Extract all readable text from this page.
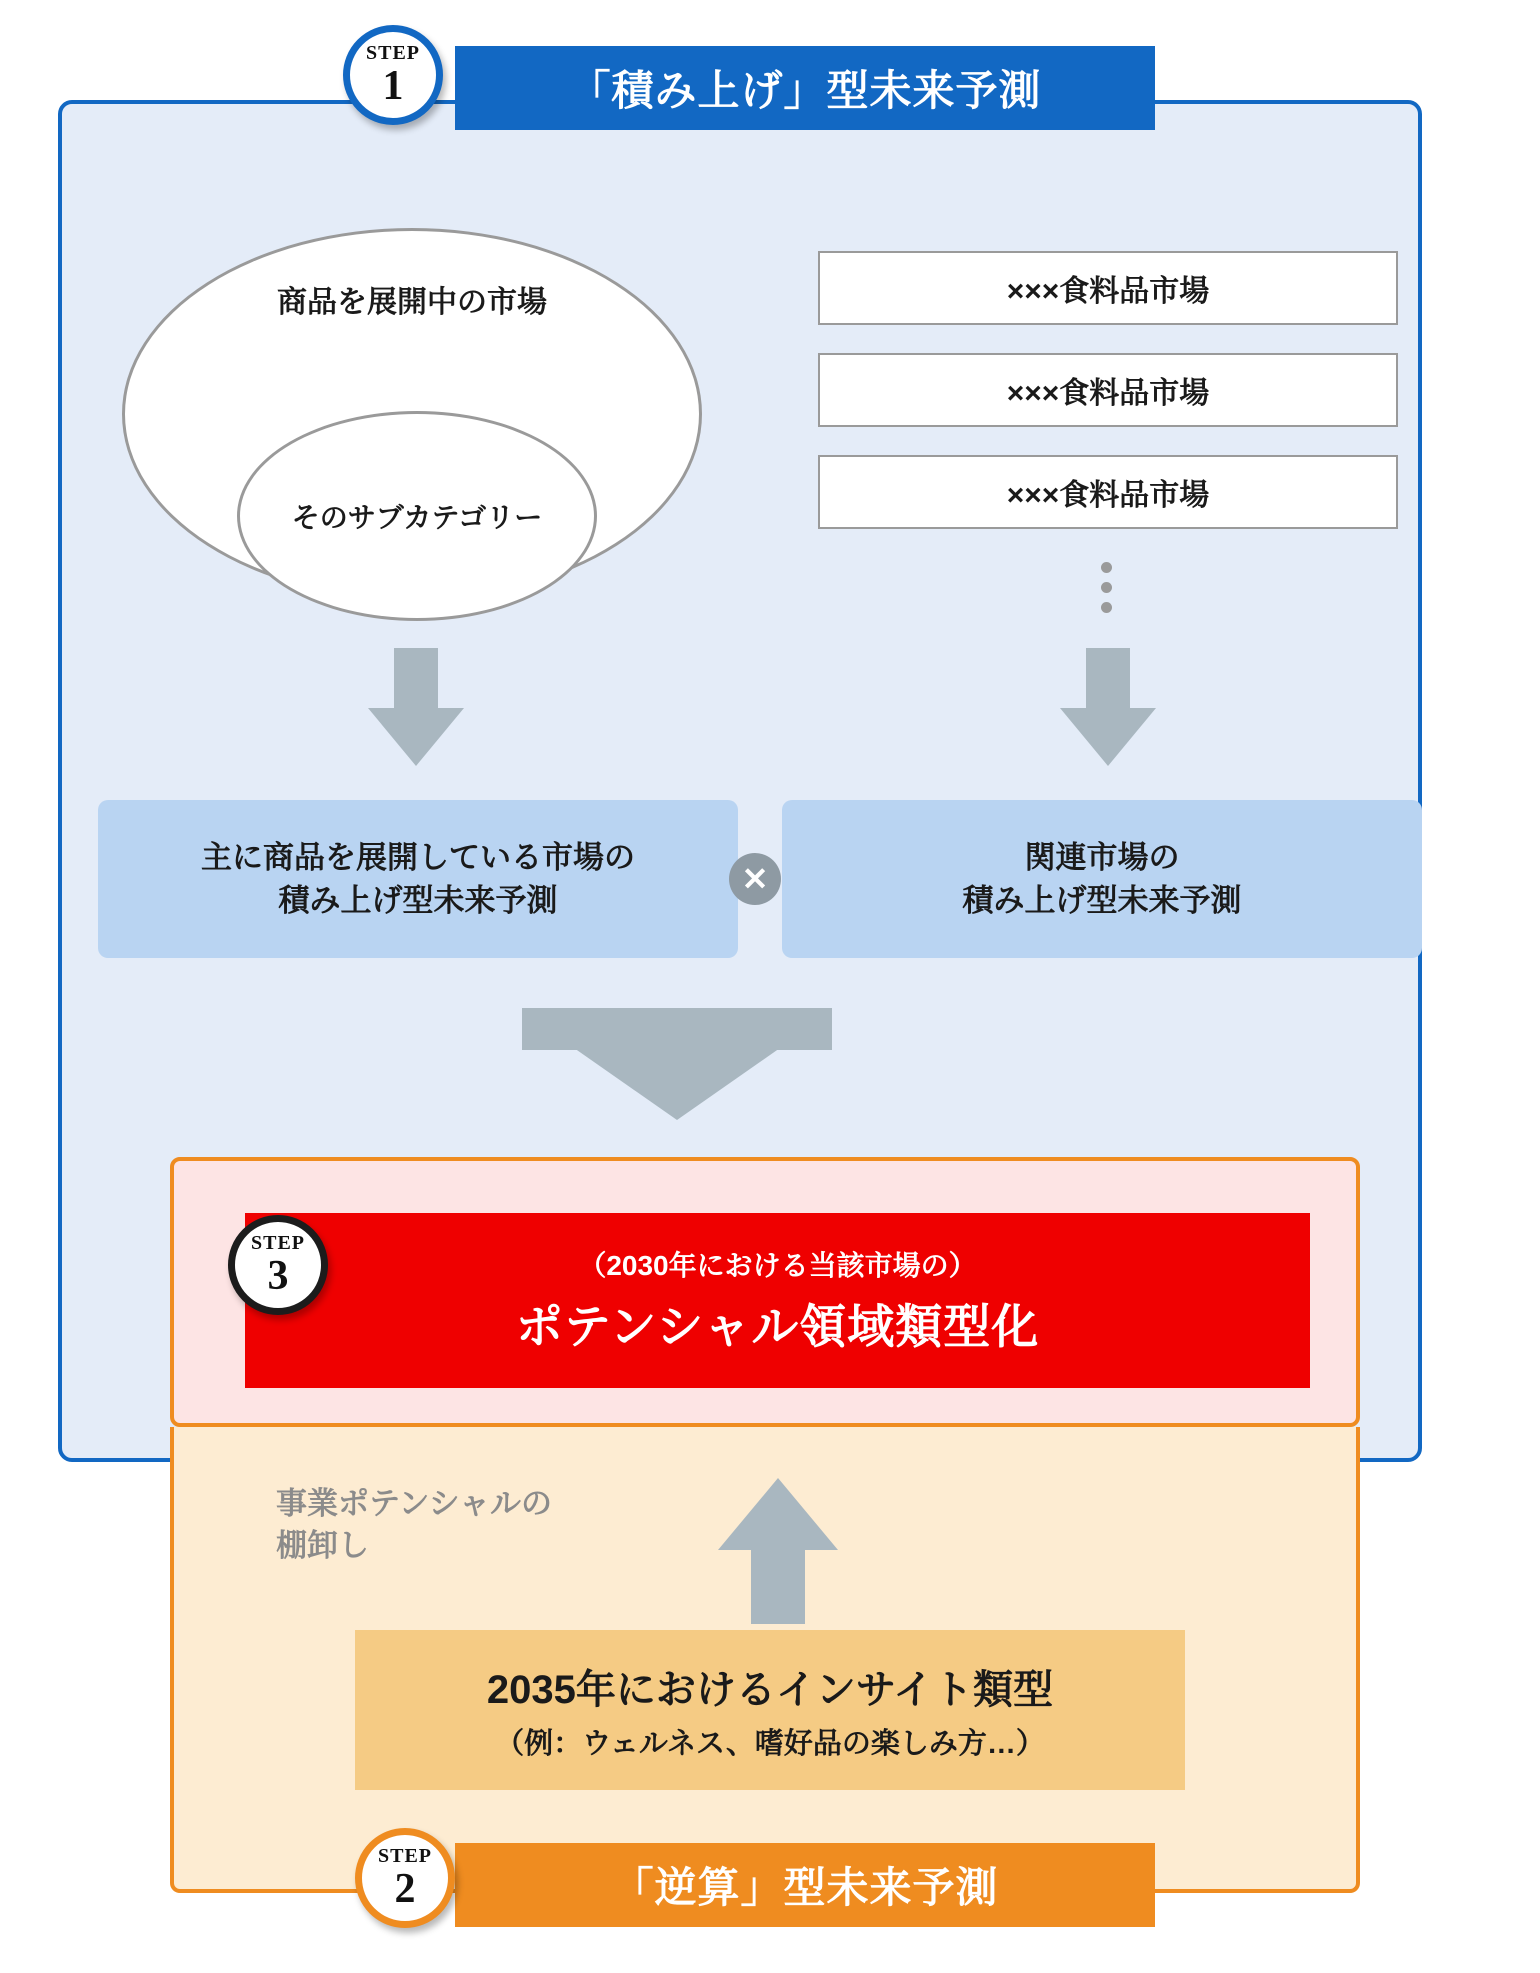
商品を展開中の市場
そのサブカテゴリー
×××食料品市場
×××食料品市場
×××食料品市場
主に商品を展開している市場の
積み上げ型未来予測
✕
関連市場の
積み上げ型未来予測
事業ポテンシャルの
棚卸し
2035年におけるインサイト類型
（例：ウェルネス、嗜好品の楽しみ方…）
（2030年における当該市場の）
ポテンシャル領域類型化
「積み上げ」型未来予測
「逆算」型未来予測
STEP
1
STEP
3
STEP
2
